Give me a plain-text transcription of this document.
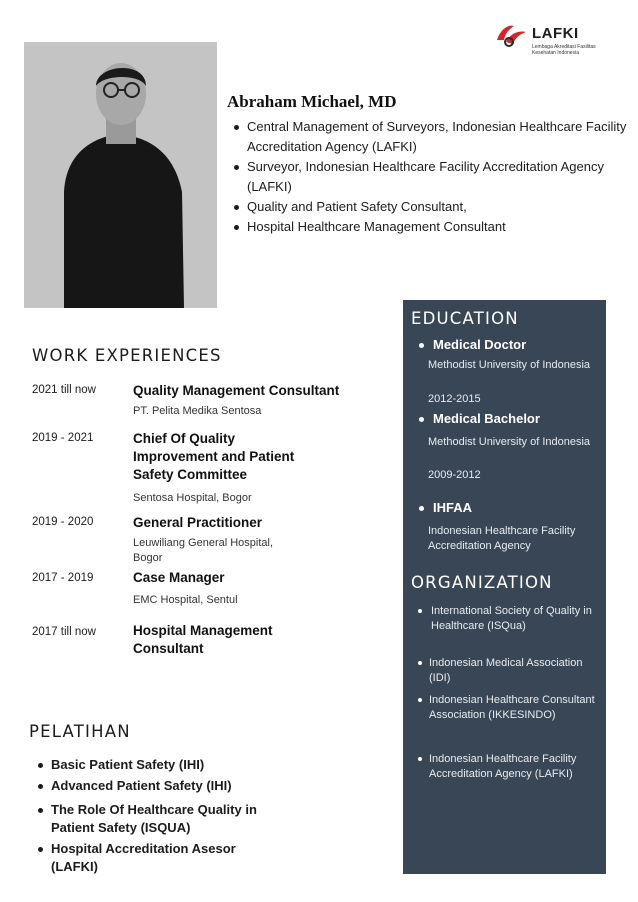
LAFKI
Lembaga Akreditasi Fasilitas Kesehatan Indonesia
Abraham Michael, MD
Central Management of Surveyors, Indonesian Healthcare Facility Accreditation Agency (LAFKI)
Surveyor, Indonesian Healthcare Facility Accreditation Agency (LAFKI)
Quality and Patient Safety Consultant,
Hospital Healthcare Management Consultant
WORK EXPERIENCES
2021 till now	Quality Management Consultant
PT. Pelita Medika Sentosa
2019 - 2021	Chief Of Quality Improvement and Patient Safety Committee
Sentosa Hospital, Bogor
2019 - 2020	General Practitioner
Leuwiliang General Hospital, Bogor
2017 - 2019	Case Manager
EMC Hospital, Sentul
2017 till now	Hospital Management Consultant
PELATIHAN
Basic Patient Safety (IHI)
Advanced Patient Safety (IHI)
The Role Of Healthcare Quality in Patient Safety (ISQUA)
Hospital Accreditation Asesor (LAFKI)
EDUCATION
Medical Doctor
Methodist University of Indonesia
2012-2015
Medical Bachelor
Methodist University of Indonesia
2009-2012
IHFAA
Indonesian Healthcare Facility Accreditation Agency
ORGANIZATION
International Society of Quality in Healthcare (ISQua)
Indonesian Medical Association (IDI)
Indonesian Healthcare Consultant Association (IKKESINDO)
Indonesian Healthcare Facility Accreditation Agency (LAFKI)
